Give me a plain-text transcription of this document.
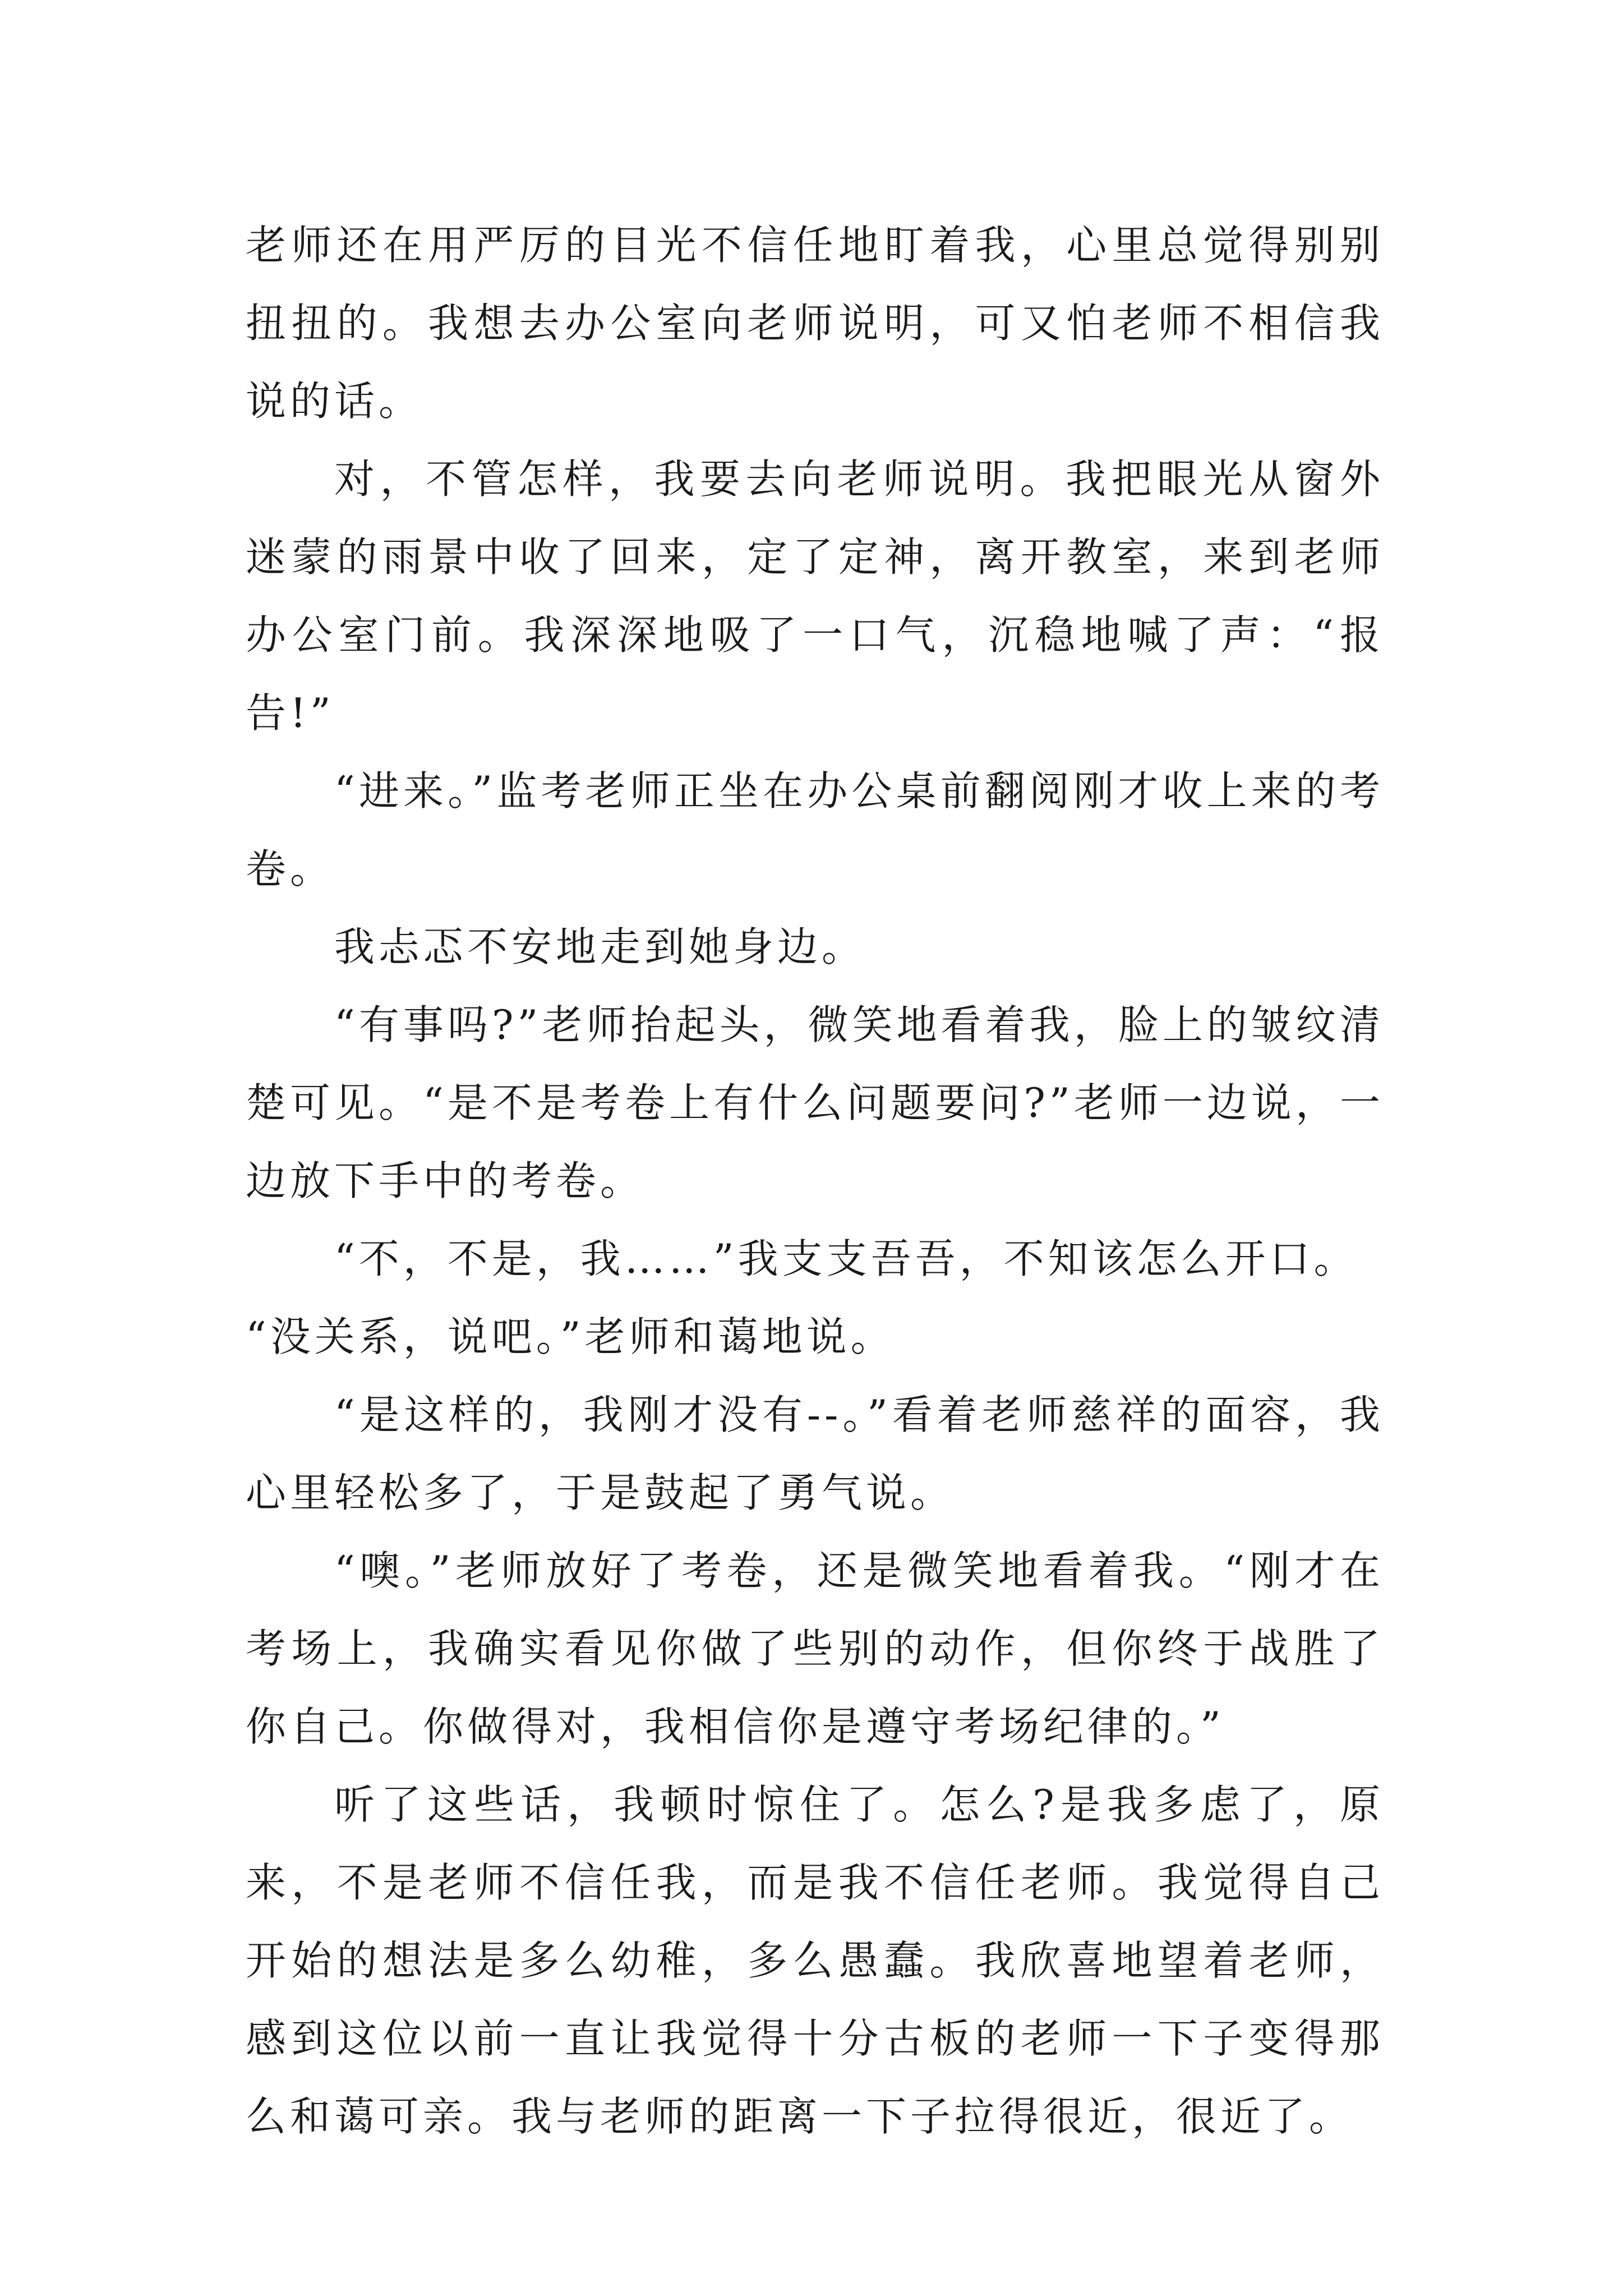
老师还在用严厉的目光不信任地盯着我，心里总觉得别别扭扭的。我想去办公室向老师说明，可又怕老师不相信我说的话。

对，不管怎样，我要去向老师说明。我把眼光从窗外迷蒙的雨景中收了回来，定了定神，离开教室，来到老师办公室门前。我深深地吸了一口气，沉稳地喊了声：“报告!”

“进来。”监考老师正坐在办公桌前翻阅刚才收上来的考卷。

我忐忑不安地走到她身边。

“有事吗?”老师抬起头，微笑地看着我，脸上的皱纹清楚可见。“是不是考卷上有什么问题要问?”老师一边说，一边放下手中的考卷。

“不，不是，我……”我支支吾吾，不知该怎么开口。

“没关系，说吧。”老师和蔼地说。

“是这样的，我刚才没有--。”看着老师慈祥的面容，我心里轻松多了，于是鼓起了勇气说。

“噢。”老师放好了考卷，还是微笑地看着我。“刚才在考场上，我确实看见你做了些别的动作，但你终于战胜了你自己。你做得对，我相信你是遵守考场纪律的。”

听了这些话，我顿时惊住了。怎么?是我多虑了，原来，不是老师不信任我，而是我不信任老师。我觉得自己开始的想法是多么幼稚，多么愚蠢。我欣喜地望着老师，感到这位以前一直让我觉得十分古板的老师一下子变得那么和蔼可亲。我与老师的距离一下子拉得很近，很近了。
